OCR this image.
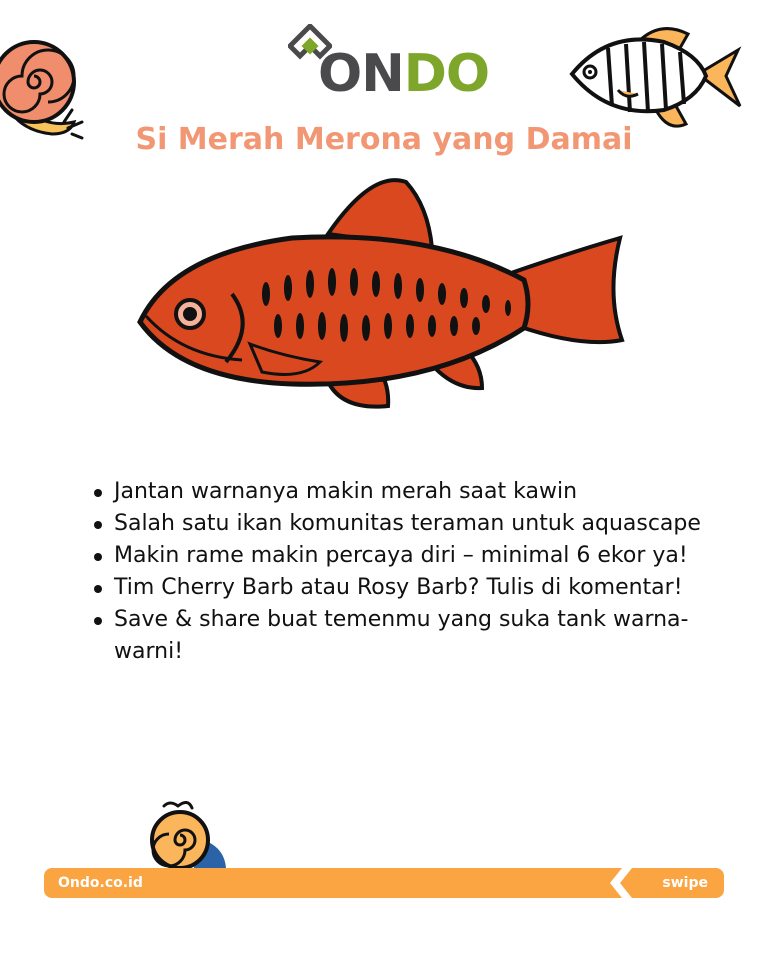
ONDO
Si Merah Merona yang Damai
Jantan warnanya makin merah saat kawin
Salah satu ikan komunitas teraman untuk aquascape
Makin rame makin percaya diri – minimal 6 ekor ya!
Tim Cherry Barb atau Rosy Barb? Tulis di komentar!
Save & share buat temenmu yang suka tank warna-warni!
Ondo.co.id	swipe
